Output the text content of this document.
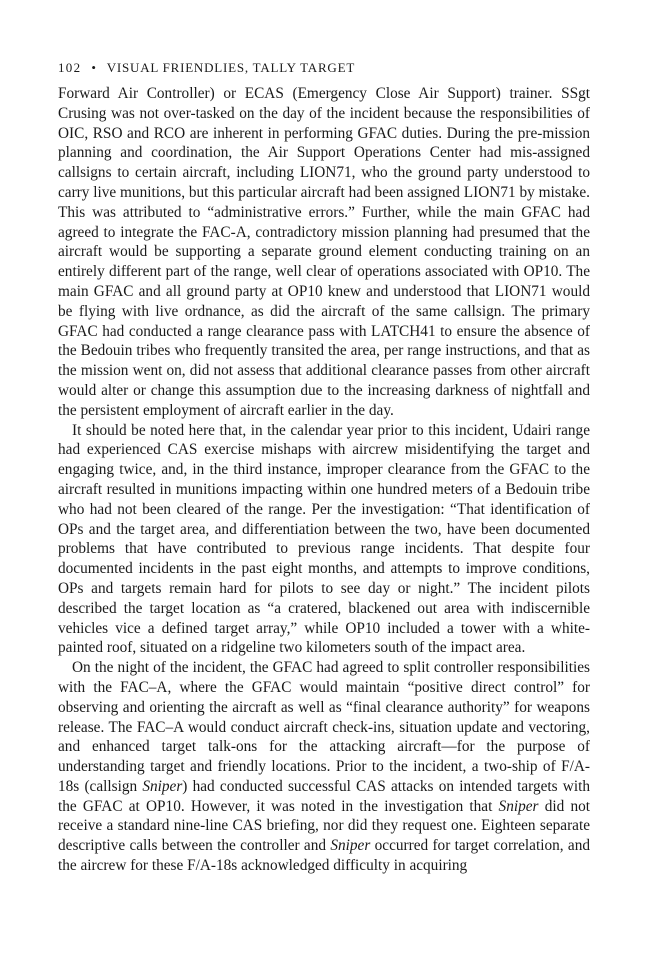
102 • VISUAL FRIENDLIES, TALLY TARGET

Forward Air Controller) or ECAS (Emergency Close Air Support) trainer. SSgt Crusing was not over-tasked on the day of the incident because the responsibilities of OIC, RSO and RCO are inherent in performing GFAC duties. During the pre-mission planning and coordination, the Air Support Operations Center had mis-assigned callsigns to certain aircraft, including LION71, who the ground party understood to carry live munitions, but this particular aircraft had been assigned LION71 by mistake. This was attributed to “administrative errors.” Further, while the main GFAC had agreed to integrate the FAC-A, contradictory mission planning had presumed that the aircraft would be supporting a separate ground element conducting training on an entirely different part of the range, well clear of operations associated with OP10. The main GFAC and all ground party at OP10 knew and understood that LION71 would be flying with live ordnance, as did the aircraft of the same callsign. The primary GFAC had conducted a range clearance pass with LATCH41 to ensure the absence of the Bedouin tribes who frequently transited the area, per range instructions, and that as the mission went on, did not assess that additional clearance passes from other aircraft would alter or change this assumption due to the increasing darkness of nightfall and the persistent employment of aircraft earlier in the day.

It should be noted here that, in the calendar year prior to this incident, Udairi range had experienced CAS exercise mishaps with aircrew misidentifying the target and engaging twice, and, in the third instance, improper clearance from the GFAC to the aircraft resulted in munitions impacting within one hundred meters of a Bedouin tribe who had not been cleared of the range. Per the investigation: “That identification of OPs and the target area, and differentiation between the two, have been documented problems that have contributed to previous range incidents. That despite four documented incidents in the past eight months, and attempts to improve conditions, OPs and targets remain hard for pilots to see day or night.” The incident pilots described the target location as “a cratered, blackened out area with indiscernible vehicles vice a defined target array,” while OP10 included a tower with a white-painted roof, situated on a ridgeline two kilometers south of the impact area.

On the night of the incident, the GFAC had agreed to split controller responsibilities with the FAC–A, where the GFAC would maintain “positive direct control” for observing and orienting the aircraft as well as “final clearance authority” for weapons release. The FAC–A would conduct aircraft check-ins, situation update and vectoring, and enhanced target talk-ons for the attacking aircraft—for the purpose of understanding target and friendly locations. Prior to the incident, a two-ship of F/A-18s (callsign Sniper) had conducted successful CAS attacks on intended targets with the GFAC at OP10. However, it was noted in the investigation that Sniper did not receive a standard nine-line CAS briefing, nor did they request one. Eighteen separate descriptive calls between the controller and Sniper occurred for target correlation, and the aircrew for these F/A-18s acknowledged difficulty in acquiring
